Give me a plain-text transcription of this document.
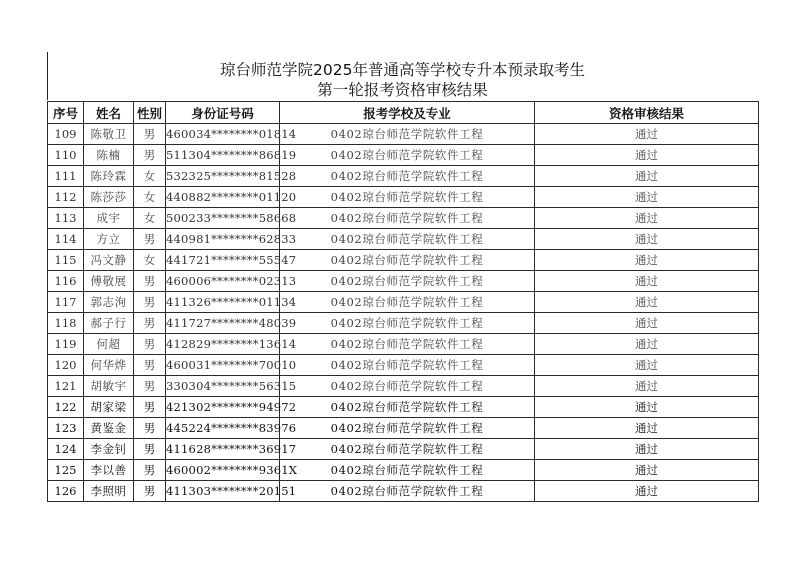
琼台师范学院2025年普通高等学校专升本预录取考生
第一轮报考资格审核结果
序号	姓名	性别	身份证号码	报考学校及专业	资格审核结果
109	陈敬卫	男	460034********01814	0402琼台师范学院软件工程	通过
110	陈楠	男	511304********86819	0402琼台师范学院软件工程	通过
111	陈玲霖	女	532325********81528	0402琼台师范学院软件工程	通过
112	陈莎莎	女	440882********01120	0402琼台师范学院软件工程	通过
113	成宇	女	500233********58668	0402琼台师范学院软件工程	通过
114	方立	男	440981********62833	0402琼台师范学院软件工程	通过
115	冯文静	女	441721********55547	0402琼台师范学院软件工程	通过
116	傅敬展	男	460006********02313	0402琼台师范学院软件工程	通过
117	郭志洵	男	411326********01134	0402琼台师范学院软件工程	通过
118	郝子行	男	411727********48039	0402琼台师范学院软件工程	通过
119	何超	男	412829********13614	0402琼台师范学院软件工程	通过
120	何华烨	男	460031********70010	0402琼台师范学院软件工程	通过
121	胡敏宇	男	330304********56315	0402琼台师范学院软件工程	通过
122	胡家梁	男	421302********94972	0402琼台师范学院软件工程	通过
123	黄鉴金	男	445224********83976	0402琼台师范学院软件工程	通过
124	李金钊	男	411628********36917	0402琼台师范学院软件工程	通过
125	李以善	男	460002********9361X	0402琼台师范学院软件工程	通过
126	李照明	男	411303********20151	0402琼台师范学院软件工程	通过
